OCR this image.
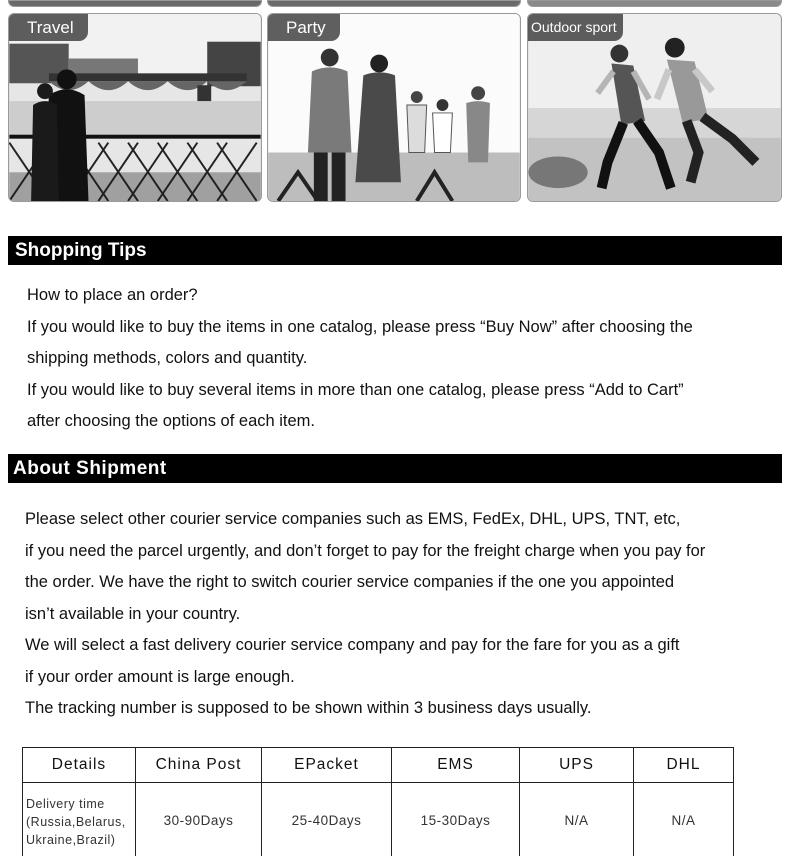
Travel	Party	Outdoor sport
Shopping Tips

How to place an order?

If you would like to buy the items in one catalog, please press “Buy Now” after choosing the

shipping methods, colors and quantity.

If you would like to buy several items in more than one catalog, please press “Add to Cart”

after choosing the options of each item.

About Shipment

Please select other courier service companies such as EMS, FedEx, DHL, UPS, TNT, etc,

if you need the parcel urgently, and don’t forget to pay for the freight charge when you pay for

the order. We have the right to switch courier service companies if the one you appointed

isn’t available in your country.

We will select a fast delivery courier service company and pay for the fare for you as a gift

if your order amount is large enough.

The tracking number is supposed to be shown within 3 business days usually.

Details	China Post	EPacket	EMS	UPS	DHL

Delivery time
(Russia,Belarus,
Ukraine,Brazil)	30-90Days	25-40Days	15-30Days	N/A	N/A
